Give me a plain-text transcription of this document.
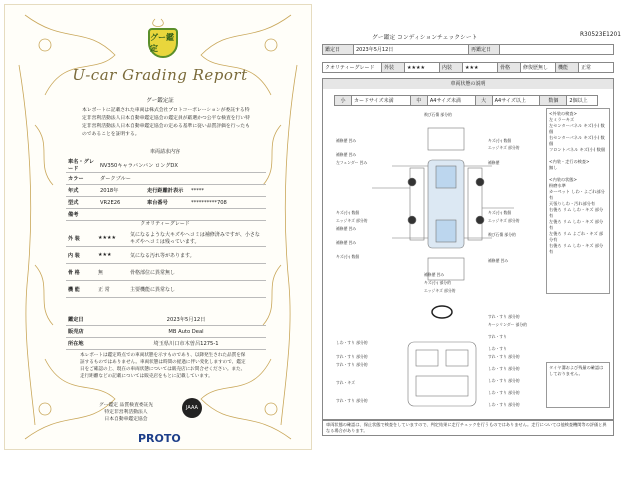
グー鑑定
U-car Grading Report
グー鑑定証
本レポートに記載された車両は株式会社プロトコーポレーションが委託する特定非営利活動法人日本自動車鑑定協会の鑑定員が厳選かつ公平な検査を行い特定非営利活動法人日本自動車鑑定協会の定める基準に従い品質評価を行ったものであることを証明する。
車両請求内容
車名・グレード	NV350キャラバンバン ロングDX		
カラー	ダークブルー		
年式	2018年	走行距離計表示	*****
型式	VR2E26	車台番号	**********708
備考			
クオリティーグレード
外 装	★★★★	気になるような大キズやヘコミは補修済みですが、小さなキズやヘコミは残っています。
内 装	★★★	気になる汚れ等があります。
骨 格	無	骨格部位に異常無し
機 能	正 常	主要機能に異常なし
鑑定日	2023年5月12日
販売店	MB Auto Deal
所在地	埼玉県川口市木曽呂1275-1
本レポートは鑑定時点での車両状態を示すものであり、以降発生された品質を保証するものではありません。車両状態は時間の経過に伴い変化しますので、鑑定日をご確認の上、現在の車両状態については販売店にお問合せください。また、走行距離などの記載については販売店をもとに記載しています。
グー鑑定 品質検査委託先
特定非営利活動法人
日本自動車鑑定協会
JAAA
PROTO
グー鑑定 コンディションチェックシート	R30523E1201
鑑定日	2023年5月12日	再鑑定日	
クオリティーグレード	外装	★★★★	内装	★★★	骨格	修復歴無し	機能	正常
車両状態の説明
小	カードサイズ未満	中	A4サイズ未満	大	A4サイズ以上	数個	2個以上
<外装の検査>
左ミラーキズ
左センターパネル キズ(小) 数個
右センターパネル キズ(小) 数個
フロントパネル キズ(小) 数個

<内装・走行の検査>
無し

<内装の状態>
粉磨水準
カーペット しわ・よごれ部分有
天張りしわ・汚れ部分有
右後ろ リム しわ・キズ 部分有
左後ろ リム しわ・キズ 部分有
左後ろ リム よごれ・キズ 部分有
右後ろ リム しわ・キズ 部分有
タイヤ溝および残量の確認はしておりません。
補修歴 凹み
飛び石傷 部分的
補修歴 凹み
キズ(小) 数個
エッジキズ 部分的
左フェンダー 凹み	補修歴
キズ(小) 数個
エッジキズ 部分的
補修歴 凹み
キズ(小) 数個
エッジキズ 部分的
補修歴 凹み
飛び石傷 部分的
キズ(小) 数個
補修歴 凹み
補修歴 凹み
キズ(小) 部分的
エッジキズ 部分的
すれ・すり 部分的
すれ・すり 部分的
すれ・キズ
すれ・すり 部分的
すれ・すり 部分的
キーシリンダー 部分的
すれ・すり
しわ・すり
すれ・すり 部分的
しわ・すり 部分的
しわ・すり 部分的
しわ・すり 部分的
しわ・すり 部分的
しわ・すり 部分的
車両状態の確認は、保止状態で検査をしていますので、判定結果に走行チェックを行うものではありません。走行については他検査機関等の評価と異なる場合があります。
